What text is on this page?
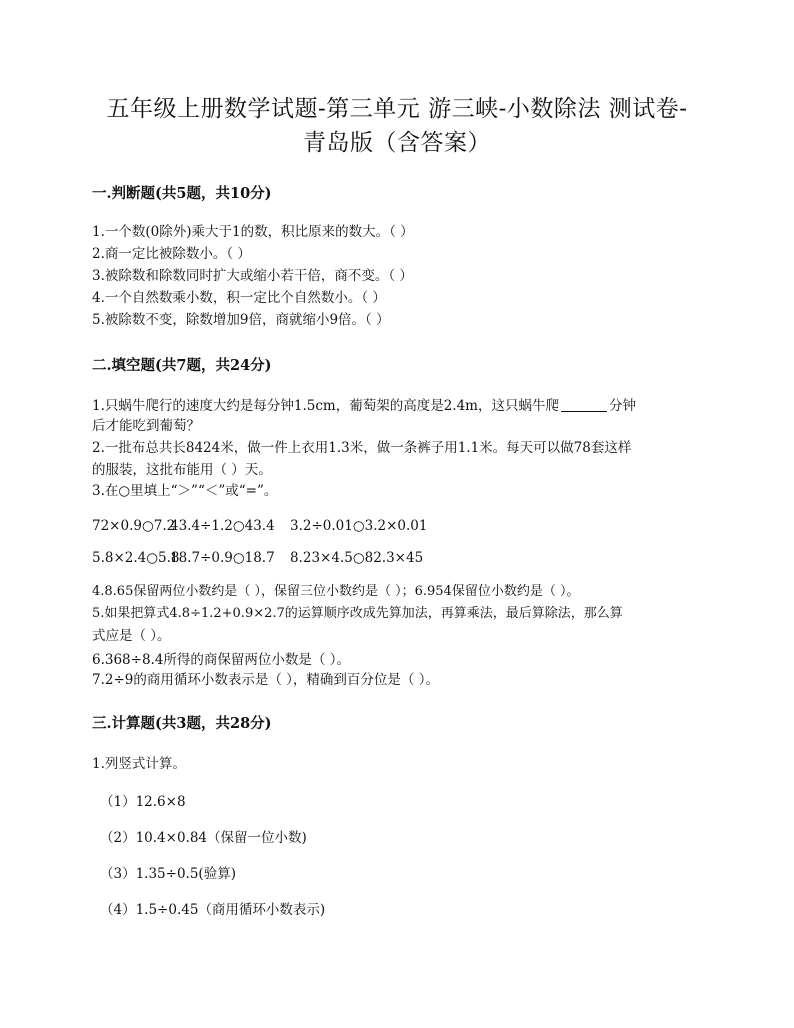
五年级上册数学试题-第三单元 游三峡-小数除法 测试卷-
青岛版（含答案）
一.判断题(共5题，共10分)
1.一个数(0除外)乘大于1的数，积比原来的数大。（ ）
2.商一定比被除数小。（ ）
3.被除数和除数同时扩大或缩小若干倍，商不变。（ ）
4.一个自然数乘小数，积一定比个自然数小。（ ）
5.被除数不变，除数增加9倍，商就缩小9倍。（ ）
二.填空题(共7题，共24分)
1.只蜗牛爬行的速度大约是每分钟1.5cm，葡萄架的高度是2.4m，这只蜗牛爬	分钟
后才能吃到葡萄？
2.一批布总共长8424米，做一件上衣用1.3米，做一条裤子用1.1米。每天可以做78套这样
的服装，这批布能用（ ）天。
3.在○里填上“＞”“＜”或“=”。
72×0.9○7.243.4÷1.2○43.4 3.2÷0.01○3.2×0.01
5.8×2.4○5.818.7÷0.9○18.7 8.23×4.5○82.3×45
4.8.65保留两位小数约是（ ），保留三位小数约是（ ）；6.954保留位小数约是（ ）。
5.如果把算式4.8÷1.2+0.9×2.7的运算顺序改成先算加法，再算乘法，最后算除法，那么算
式应是（ ）。
6.368÷8.4所得的商保留两位小数是（ ）。
7.2÷9的商用循环小数表示是（ ），精确到百分位是（ ）。
三.计算题(共3题，共28分)
1.列竖式计算。
（1）12.6×8
（2）10.4×0.84（保留一位小数)
（3）1.35÷0.5(验算)
（4）1.5÷0.45（商用循环小数表示)
